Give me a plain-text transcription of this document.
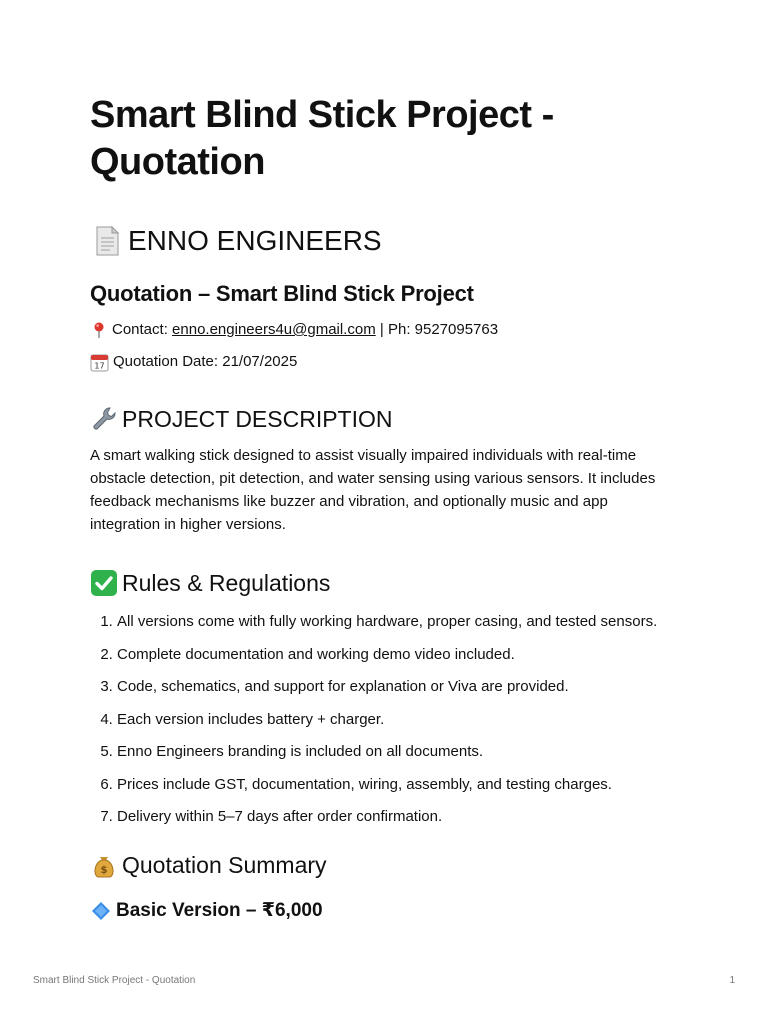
Smart Blind Stick Project - Quotation
ENNO ENGINEERS
Quotation – Smart Blind Stick Project
Contact:
enno.engineers4u@gmail.com
| Ph: 9527095763
17 Quotation Date: 21/07/2025
PROJECT DESCRIPTION

A smart walking stick designed to assist visually impaired individuals with real-time obstacle detection, pit detection, and water sensing using various sensors. It includes feedback mechanisms like buzzer and vibration, and optionally music and app integration in higher versions.

Rules & Regulations
1. All versions come with fully working hardware, proper casing, and tested sensors.
2. Complete documentation and working demo video included.
3. Code, schematics, and support for explanation or Viva are provided.
4. Each version includes battery + charger.
5. Enno Engineers branding is included on all documents.
6. Prices include GST, documentation, wiring, assembly, and testing charges.
7. Delivery within 5–7 days after order confirmation.
$ Quotation Summary
Basic Version – ₹6,000
Smart Blind Stick Project - Quotation	1
